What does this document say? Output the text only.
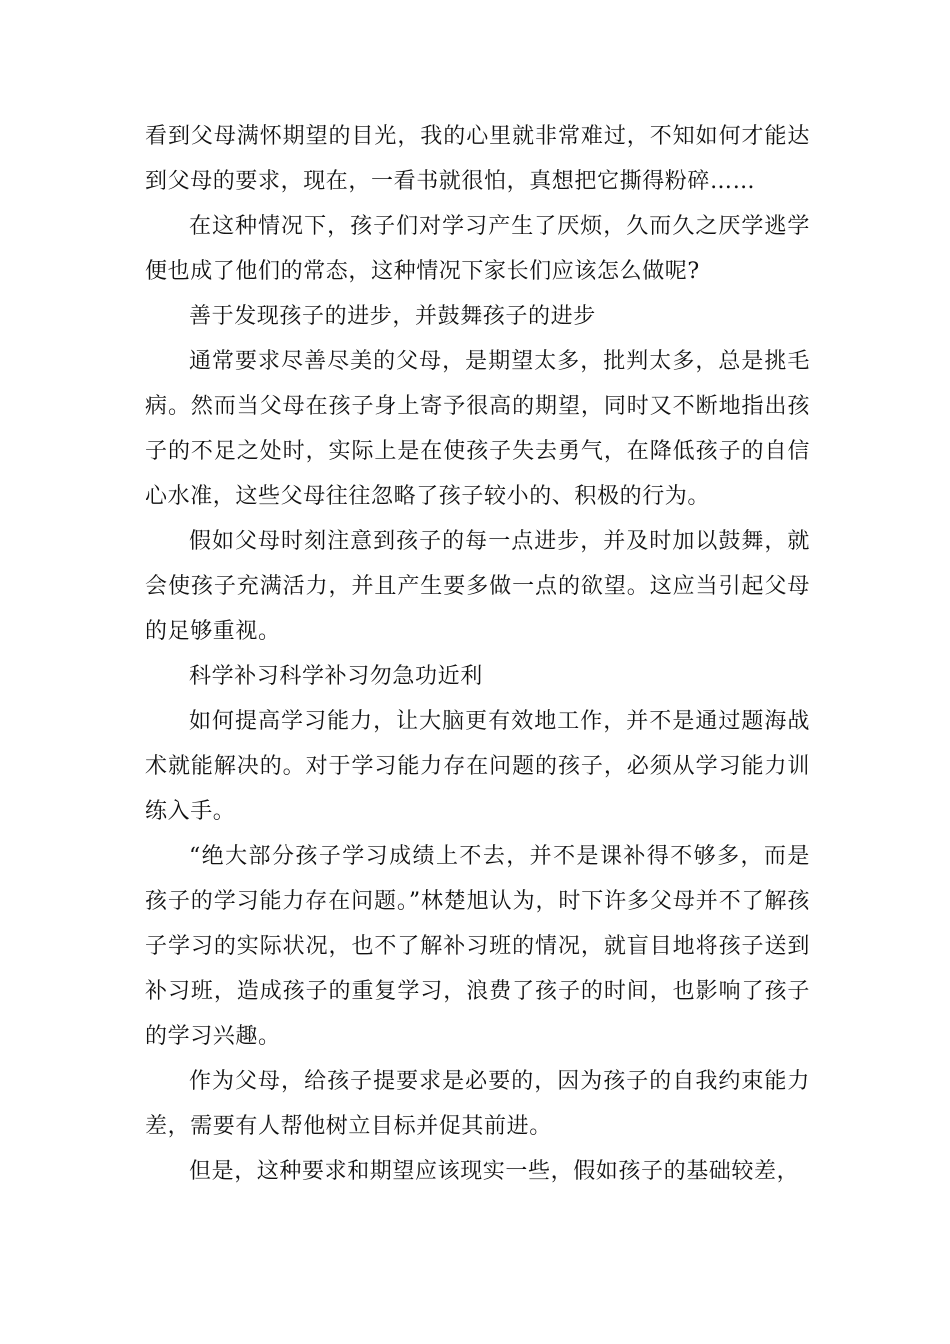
看到父母满怀期望的目光，我的心里就非常难过，不知如何才能达到父母的要求，现在，一看书就很怕，真想把它撕得粉碎……

在这种情况下，孩子们对学习产生了厌烦，久而久之厌学逃学便也成了他们的常态，这种情况下家长们应该怎么做呢?

善于发现孩子的进步，并鼓舞孩子的进步

通常要求尽善尽美的父母，是期望太多，批判太多，总是挑毛病。然而当父母在孩子身上寄予很高的期望，同时又不断地指出孩子的不足之处时，实际上是在使孩子失去勇气，在降低孩子的自信心水准，这些父母往往忽略了孩子较小的、积极的行为。

假如父母时刻注意到孩子的每一点进步，并及时加以鼓舞，就会使孩子充满活力，并且产生要多做一点的欲望。这应当引起父母的足够重视。

科学补习科学补习勿急功近利

如何提高学习能力，让大脑更有效地工作，并不是通过题海战术就能解决的。对于学习能力存在问题的孩子，必须从学习能力训练入手。

“绝大部分孩子学习成绩上不去，并不是课补得不够多，而是孩子的学习能力存在问题。”林楚旭认为，时下许多父母并不了解孩子学习的实际状况，也不了解补习班的情况，就盲目地将孩子送到补习班，造成孩子的重复学习，浪费了孩子的时间，也影响了孩子的学习兴趣。

作为父母，给孩子提要求是必要的，因为孩子的自我约束能力差，需要有人帮他树立目标并促其前进。

但是，这种要求和期望应该现实一些，假如孩子的基础较差，
